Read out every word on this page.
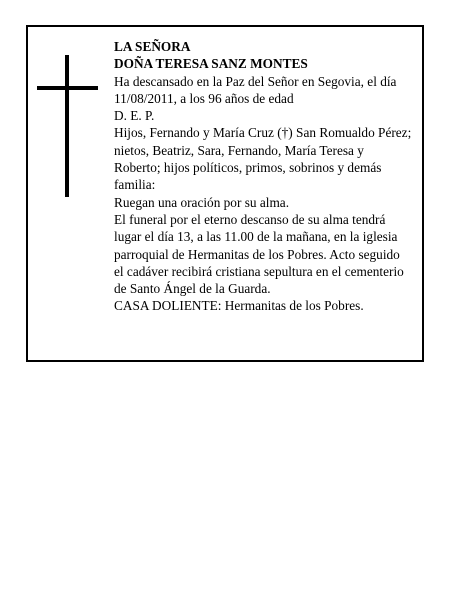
LA SEÑORA
DOÑA TERESA SANZ MONTES
Ha descansado en la Paz del Señor en Segovia, el día
11/08/2011, a los 96 años de edad
D. E. P.
Hijos, Fernando y María Cruz (†) San Romualdo Pérez;
nietos, Beatriz, Sara, Fernando, María Teresa y
Roberto; hijos políticos, primos, sobrinos y demás
familia:
Ruegan una oración por su alma.
El funeral por el eterno descanso de su alma tendrá
lugar el día 13, a las 11.00 de la mañana, en la iglesia
parroquial de Hermanitas de los Pobres. Acto seguido
el cadáver recibirá cristiana sepultura en el cementerio
de Santo Ángel de la Guarda.
CASA DOLIENTE: Hermanitas de los Pobres.
